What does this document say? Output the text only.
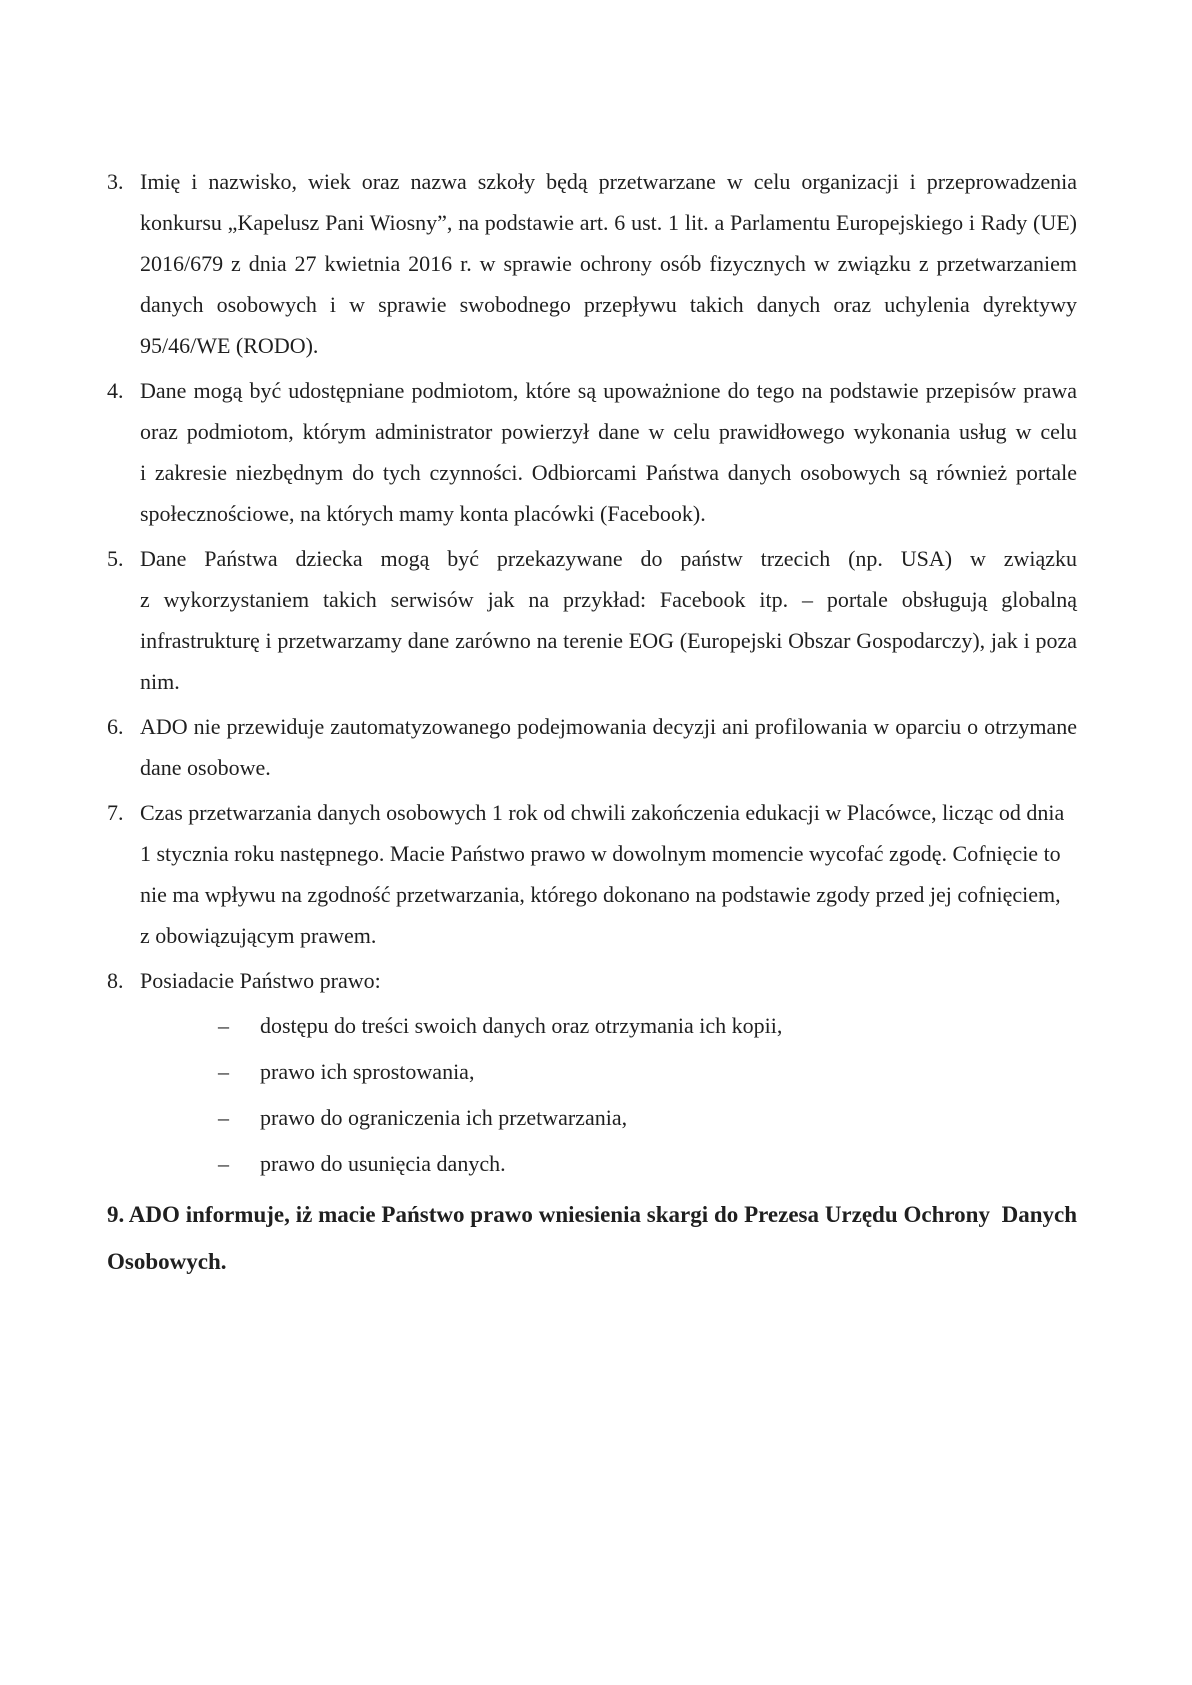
3. Imię i nazwisko, wiek oraz nazwa szkoły będą przetwarzane w celu organizacji i przeprowadzenia konkursu „Kapelusz Pani Wiosny”, na podstawie art. 6 ust. 1 lit. a Parlamentu Europejskiego i Rady (UE) 2016/679 z dnia 27 kwietnia 2016 r. w sprawie ochrony osób fizycznych w związku z przetwarzaniem danych osobowych i w sprawie swobodnego przepływu takich danych oraz uchylenia dyrektywy 95/46/WE (RODO).
4. Dane mogą być udostępniane podmiotom, które są upoważnione do tego na podstawie przepisów prawa oraz podmiotom, którym administrator powierzył dane w celu prawidłowego wykonania usług w celu i zakresie niezbędnym do tych czynności. Odbiorcami Państwa danych osobowych są również portale społecznościowe, na których mamy konta placówki (Facebook).
5. Dane Państwa dziecka mogą być przekazywane do państw trzecich (np. USA) w związku z wykorzystaniem takich serwisów jak na przykład: Facebook itp. – portale obsługują globalną infrastrukturę i przetwarzamy dane zarówno na terenie EOG (Europejski Obszar Gospodarczy), jak i poza nim.
6. ADO nie przewiduje zautomatyzowanego podejmowania decyzji ani profilowania w oparciu o otrzymane dane osobowe.
7. Czas przetwarzania danych osobowych 1 rok od chwili zakończenia edukacji w Placówce, licząc od dnia 1 stycznia roku następnego. Macie Państwo prawo w dowolnym momencie wycofać zgodę. Cofnięcie to nie ma wpływu na zgodność przetwarzania, którego dokonano na podstawie zgody przed jej cofnięciem, z obowiązującym prawem.
8. Posiadacie Państwo prawo:
– dostępu do treści swoich danych oraz otrzymania ich kopii,
– prawo ich sprostowania,
– prawo do ograniczenia ich przetwarzania,
– prawo do usunięcia danych.
9. ADO informuje, iż macie Państwo prawo wniesienia skargi do Prezesa Urzędu Ochrony  Danych Osobowych.
